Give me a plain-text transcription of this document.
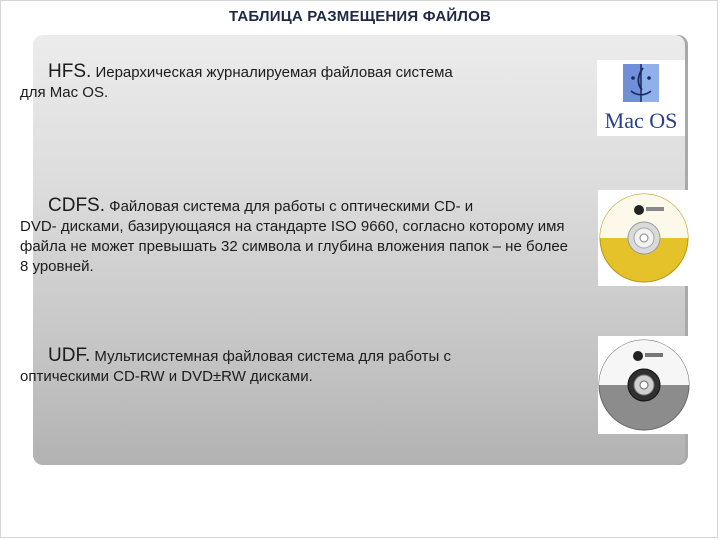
ТАБЛИЦА РАЗМЕЩЕНИЯ ФАЙЛОВ
HFS. Иерархическая журналируемая файловая система
для Mac OS.
CDFS. Файловая система для работы с оптическими CD- и
DVD- дисками, базирующаяся на стандарте ISO 9660, согласно которому имя файла не может превышать 32 символа и глубина вложения папок – не более 8 уровней.
UDF. Мультисистемная файловая система для работы с
оптическими CD-RW и DVD±RW дисками.
Mac OS
